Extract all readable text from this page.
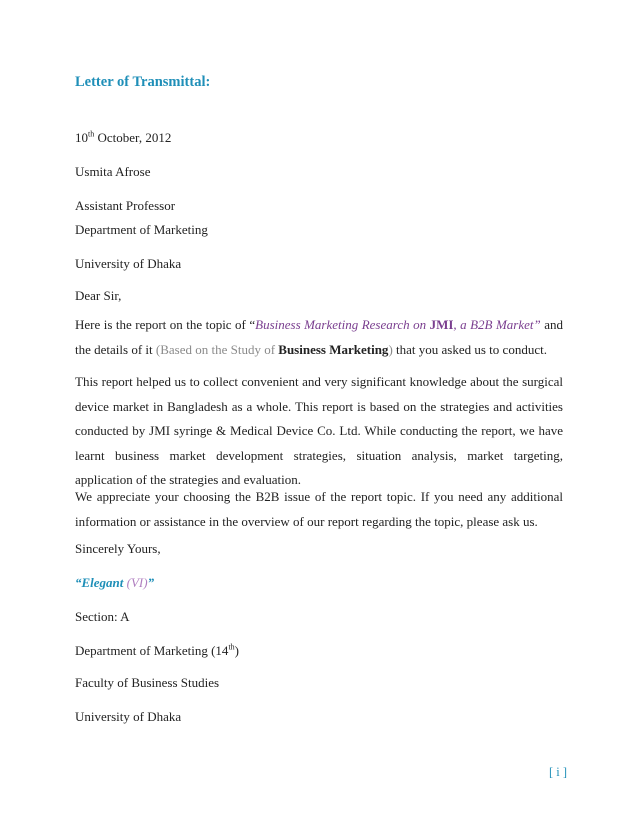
Letter of Transmittal:

10th October, 2012

Usmita Afrose

Assistant Professor

Department of Marketing

University of Dhaka

Dear Sir,

Here is the report on the topic of “Business Marketing Research on JMI, a B2B Market” and the details of it (Based on the Study of Business Marketing) that you asked us to conduct.

This report helped us to collect convenient and very significant knowledge about the surgical device market in Bangladesh as a whole. This report is based on the strategies and activities conducted by JMI syringe & Medical Device Co. Ltd. While conducting the report, we have learnt business market development strategies, situation analysis, market targeting, application of the strategies and evaluation.

We appreciate your choosing the B2B issue of the report topic. If you need any additional information or assistance in the overview of our report regarding the topic, please ask us.

Sincerely Yours,

“Elegant (VI)”

Section: A

Department of Marketing (14th)

Faculty of Business Studies

University of Dhaka

[ i ]
